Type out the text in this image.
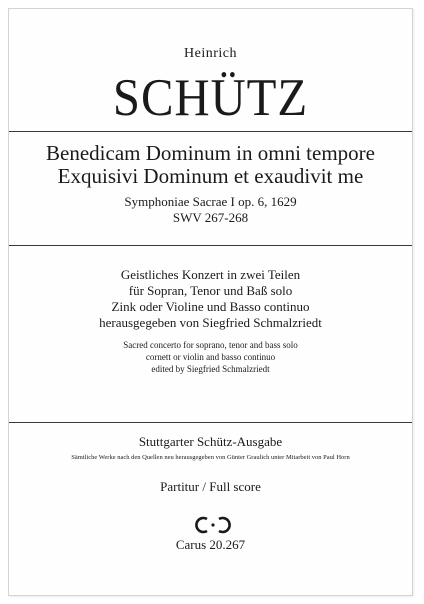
Heinrich
SCHÜTZ
Benedicam Dominum in omni tempore
Exquisivi Dominum et exaudivit me
Symphoniae Sacrae I op. 6, 1629
SWV 267-268
Geistliches Konzert in zwei Teilen
für Sopran, Tenor und Baß solo
Zink oder Violine und Basso continuo
herausgegeben von Siegfried Schmalzriedt
Sacred concerto for soprano, tenor and bass solo
cornett or violin and basso continuo
edited by Siegfried Schmalzriedt
Stuttgarter Schütz-Ausgabe
Sämtliche Werke nach den Quellen neu herausgegeben von Günter Graulich unter Mitarbeit von Paul Horn
Partitur / Full score
Carus 20.267
